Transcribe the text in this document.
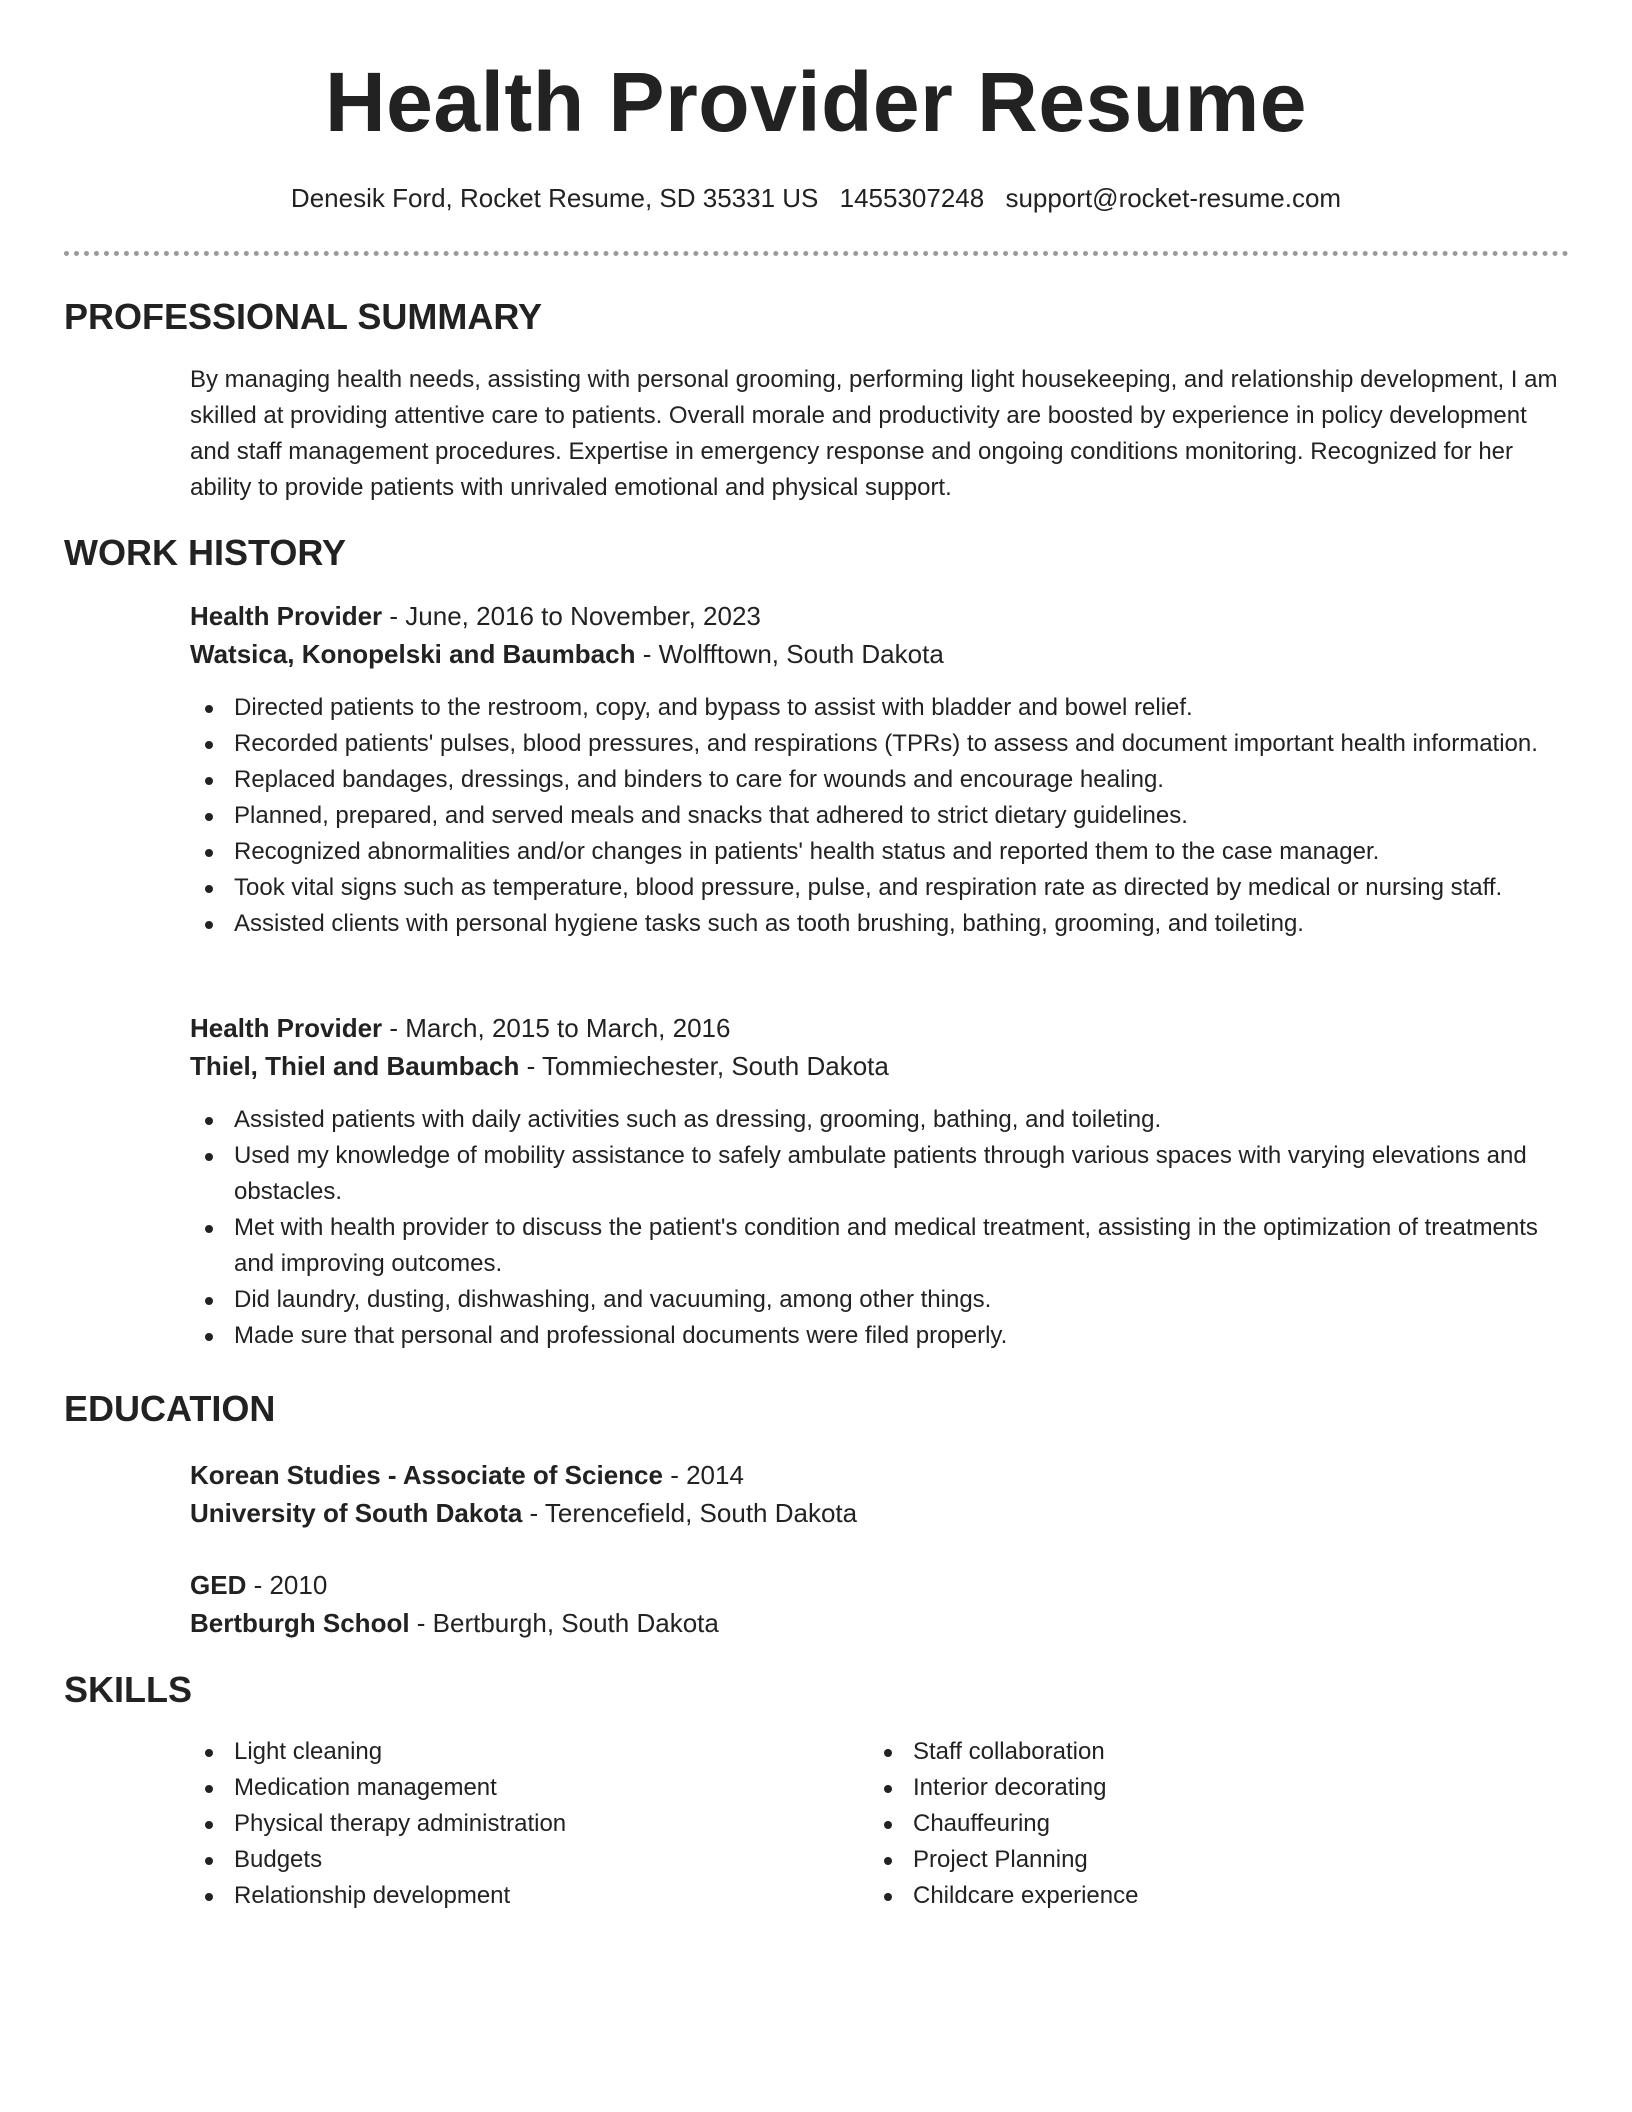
Health Provider Resume
Denesik Ford, Rocket Resume, SD 35331 US 1455307248 support@rocket-resume.com
PROFESSIONAL SUMMARY

By managing health needs, assisting with personal grooming, performing light housekeeping, and relationship development, I am skilled at providing attentive care to patients. Overall morale and productivity are boosted by experience in policy development and staff management procedures. Expertise in emergency response and ongoing conditions monitoring. Recognized for her ability to provide patients with unrivaled emotional and physical support.

WORK HISTORY
Health Provider - June, 2016 to November, 2023
Watsica, Konopelski and Baumbach - Wolfftown, South Dakota
Directed patients to the restroom, copy, and bypass to assist with bladder and bowel relief.
Recorded patients' pulses, blood pressures, and respirations (TPRs) to assess and document important health information.
Replaced bandages, dressings, and binders to care for wounds and encourage healing.
Planned, prepared, and served meals and snacks that adhered to strict dietary guidelines.
Recognized abnormalities and/or changes in patients' health status and reported them to the case manager.
Took vital signs such as temperature, blood pressure, pulse, and respiration rate as directed by medical or nursing staff.
Assisted clients with personal hygiene tasks such as tooth brushing, bathing, grooming, and toileting.
Health Provider - March, 2015 to March, 2016
Thiel, Thiel and Baumbach - Tommiechester, South Dakota
Assisted patients with daily activities such as dressing, grooming, bathing, and toileting.
Used my knowledge of mobility assistance to safely ambulate patients through various spaces with varying elevations and obstacles.
Met with health provider to discuss the patient's condition and medical treatment, assisting in the optimization of treatments and improving outcomes.
Did laundry, dusting, dishwashing, and vacuuming, among other things.
Made sure that personal and professional documents were filed properly.
EDUCATION
Korean Studies - Associate of Science - 2014
University of South Dakota - Terencefield, South Dakota
GED - 2010
Bertburgh School - Bertburgh, South Dakota
SKILLS
Light cleaning
Medication management
Physical therapy administration
Budgets
Relationship development
Staff collaboration
Interior decorating
Chauffeuring
Project Planning
Childcare experience
